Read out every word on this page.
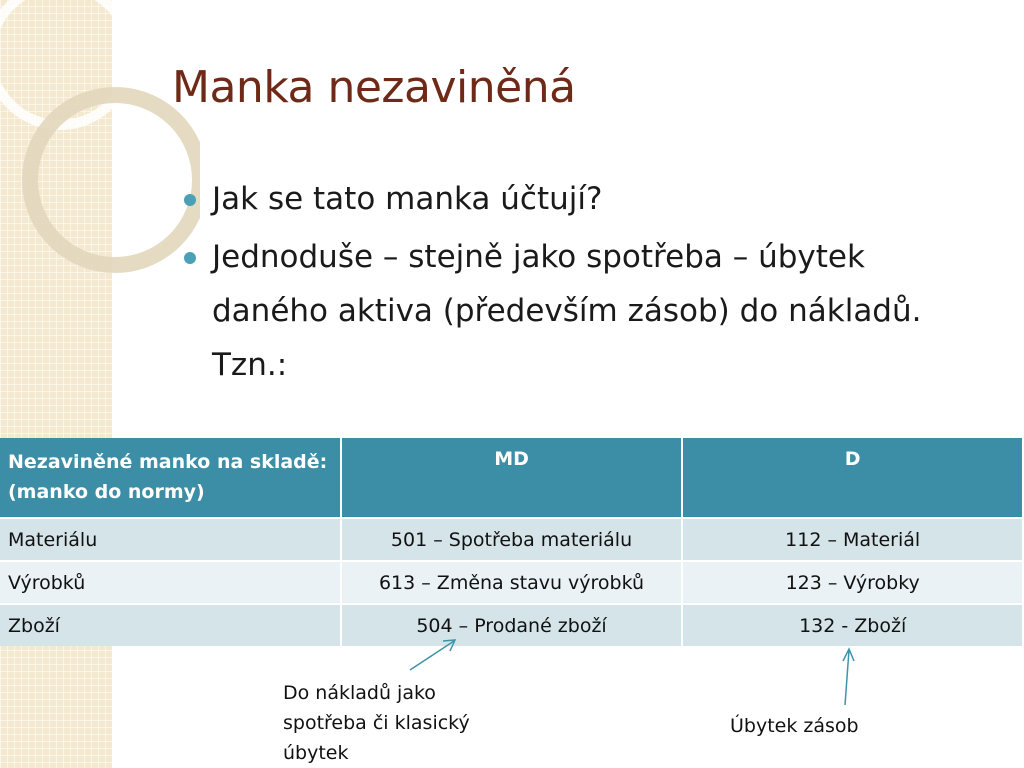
Manka nezaviněná
Jak se tato manka účtují?
Jednoduše – stejně jako spotřeba – úbytek daného aktiva (především zásob) do nákladů. Tzn.:
Nezaviněné manko na skladě: (manko do normy)	MD	D
Materiálu	501 – Spotřeba materiálu	112 – Materiál
Výrobků	613 – Změna stavu výrobků	123 – Výrobky
Zboží	504 – Prodané zboží	132 - Zboží
Do nákladů jako spotřeba či klasický úbytek
Úbytek zásob
